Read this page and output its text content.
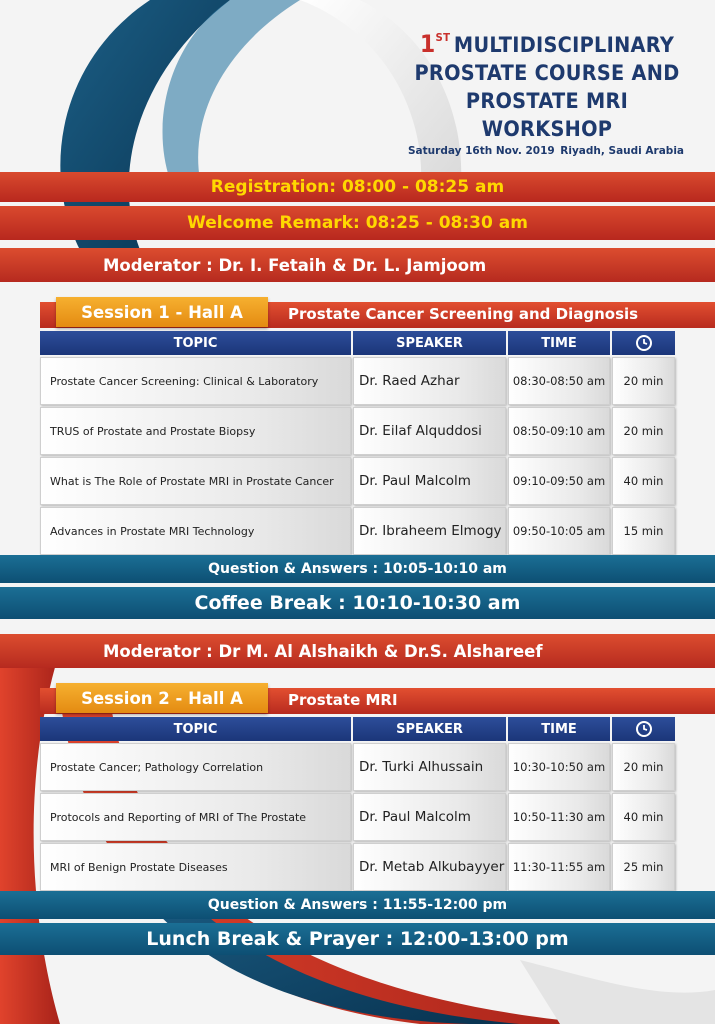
1ST MULTIDISCIPLINARY
PROSTATE COURSE AND
PROSTATE MRI WORKSHOP
Saturday 16th Nov. 2019 Riyadh, Saudi Arabia
Registration: 08:00 - 08:25 am
Welcome Remark: 08:25 - 08:30 am
Moderator : Dr. I. Fetaih & Dr. L. Jamjoom
Session 1 - Hall A	Prostate Cancer Screening and Diagnosis
TOPIC	SPEAKER	TIME
Prostate Cancer Screening: Clinical & Laboratory	Dr. Raed Azhar	08:30-08:50 am	20 min
TRUS of Prostate and Prostate Biopsy	Dr. Eilaf Alquddosi	08:50-09:10 am	20 min
What is The Role of Prostate MRI in Prostate Cancer	Dr. Paul Malcolm	09:10-09:50 am	40 min
Advances in Prostate MRI Technology	Dr. Ibraheem Elmogy 09:50-10:05 am	15 min
Question & Answers : 10:05-10:10 am
Coffee Break : 10:10-10:30 am
Moderator : Dr M. Al Alshaikh & Dr.S. Alshareef
Session 2 - Hall A	Prostate MRI
TOPIC	SPEAKER	TIME
Prostate Cancer; Pathology Correlation	Dr. Turki Alhussain	10:30-10:50 am	20 min
Protocols and Reporting of MRI of The Prostate	Dr. Paul Malcolm	10:50-11:30 am	40 min
MRI of Benign Prostate Diseases	Dr. Metab Alkubayyer 11:30-11:55 am	25 min
Question & Answers : 11:55-12:00 pm
Lunch Break & Prayer : 12:00-13:00 pm
